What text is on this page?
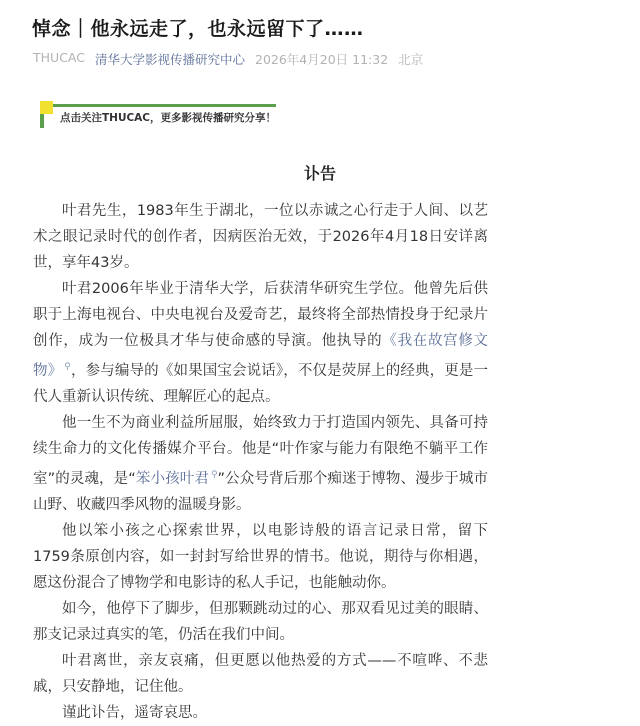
悼念｜他永远走了，也永远留下了……
THUCAC 清华大学影视传播研究中心 2026年4月20日 11:32 北京
点击关注THUCAC，更多影视传播研究分享！
讣告

叶君先生，1983年生于湖北，一位以赤诚之心行走于人间、以艺术之眼记录时代的创作者，因病医治无效，于2026年4月18日安详离世，享年43岁。

叶君2006年毕业于清华大学，后获清华研究生学位。他曾先后供职于上海电视台、中央电视台及爱奇艺，最终将全部热情投身于纪录片创作，成为一位极具才华与使命感的导演。他执导的《我在故宫修文物》 ⚲，参与编导的《如果国宝会说话》，不仅是荧屏上的经典，更是一代人重新认识传统、理解匠心的起点。

他一生不为商业利益所屈服，始终致力于打造国内领先、具备可持续生命力的文化传播媒介平台。他是“叶作家与能力有限绝不躺平工作室”的灵魂，是“笨小孩叶君 ⚲”公众号背后那个痴迷于博物、漫步于城市山野、收藏四季风物的温暖身影。

他以笨小孩之心探索世界，以电影诗般的语言记录日常，留下1759条原创内容，如一封封写给世界的情书。他说，期待与你相遇，愿这份混合了博物学和电影诗的私人手记，也能触动你。

如今，他停下了脚步，但那颗跳动过的心、那双看见过美的眼睛、那支记录过真实的笔，仍活在我们中间。

叶君离世，亲友哀痛，但更愿以他热爱的方式——不喧哗、不悲戚，只安静地，记住他。

谨此讣告，遥寄哀思。
